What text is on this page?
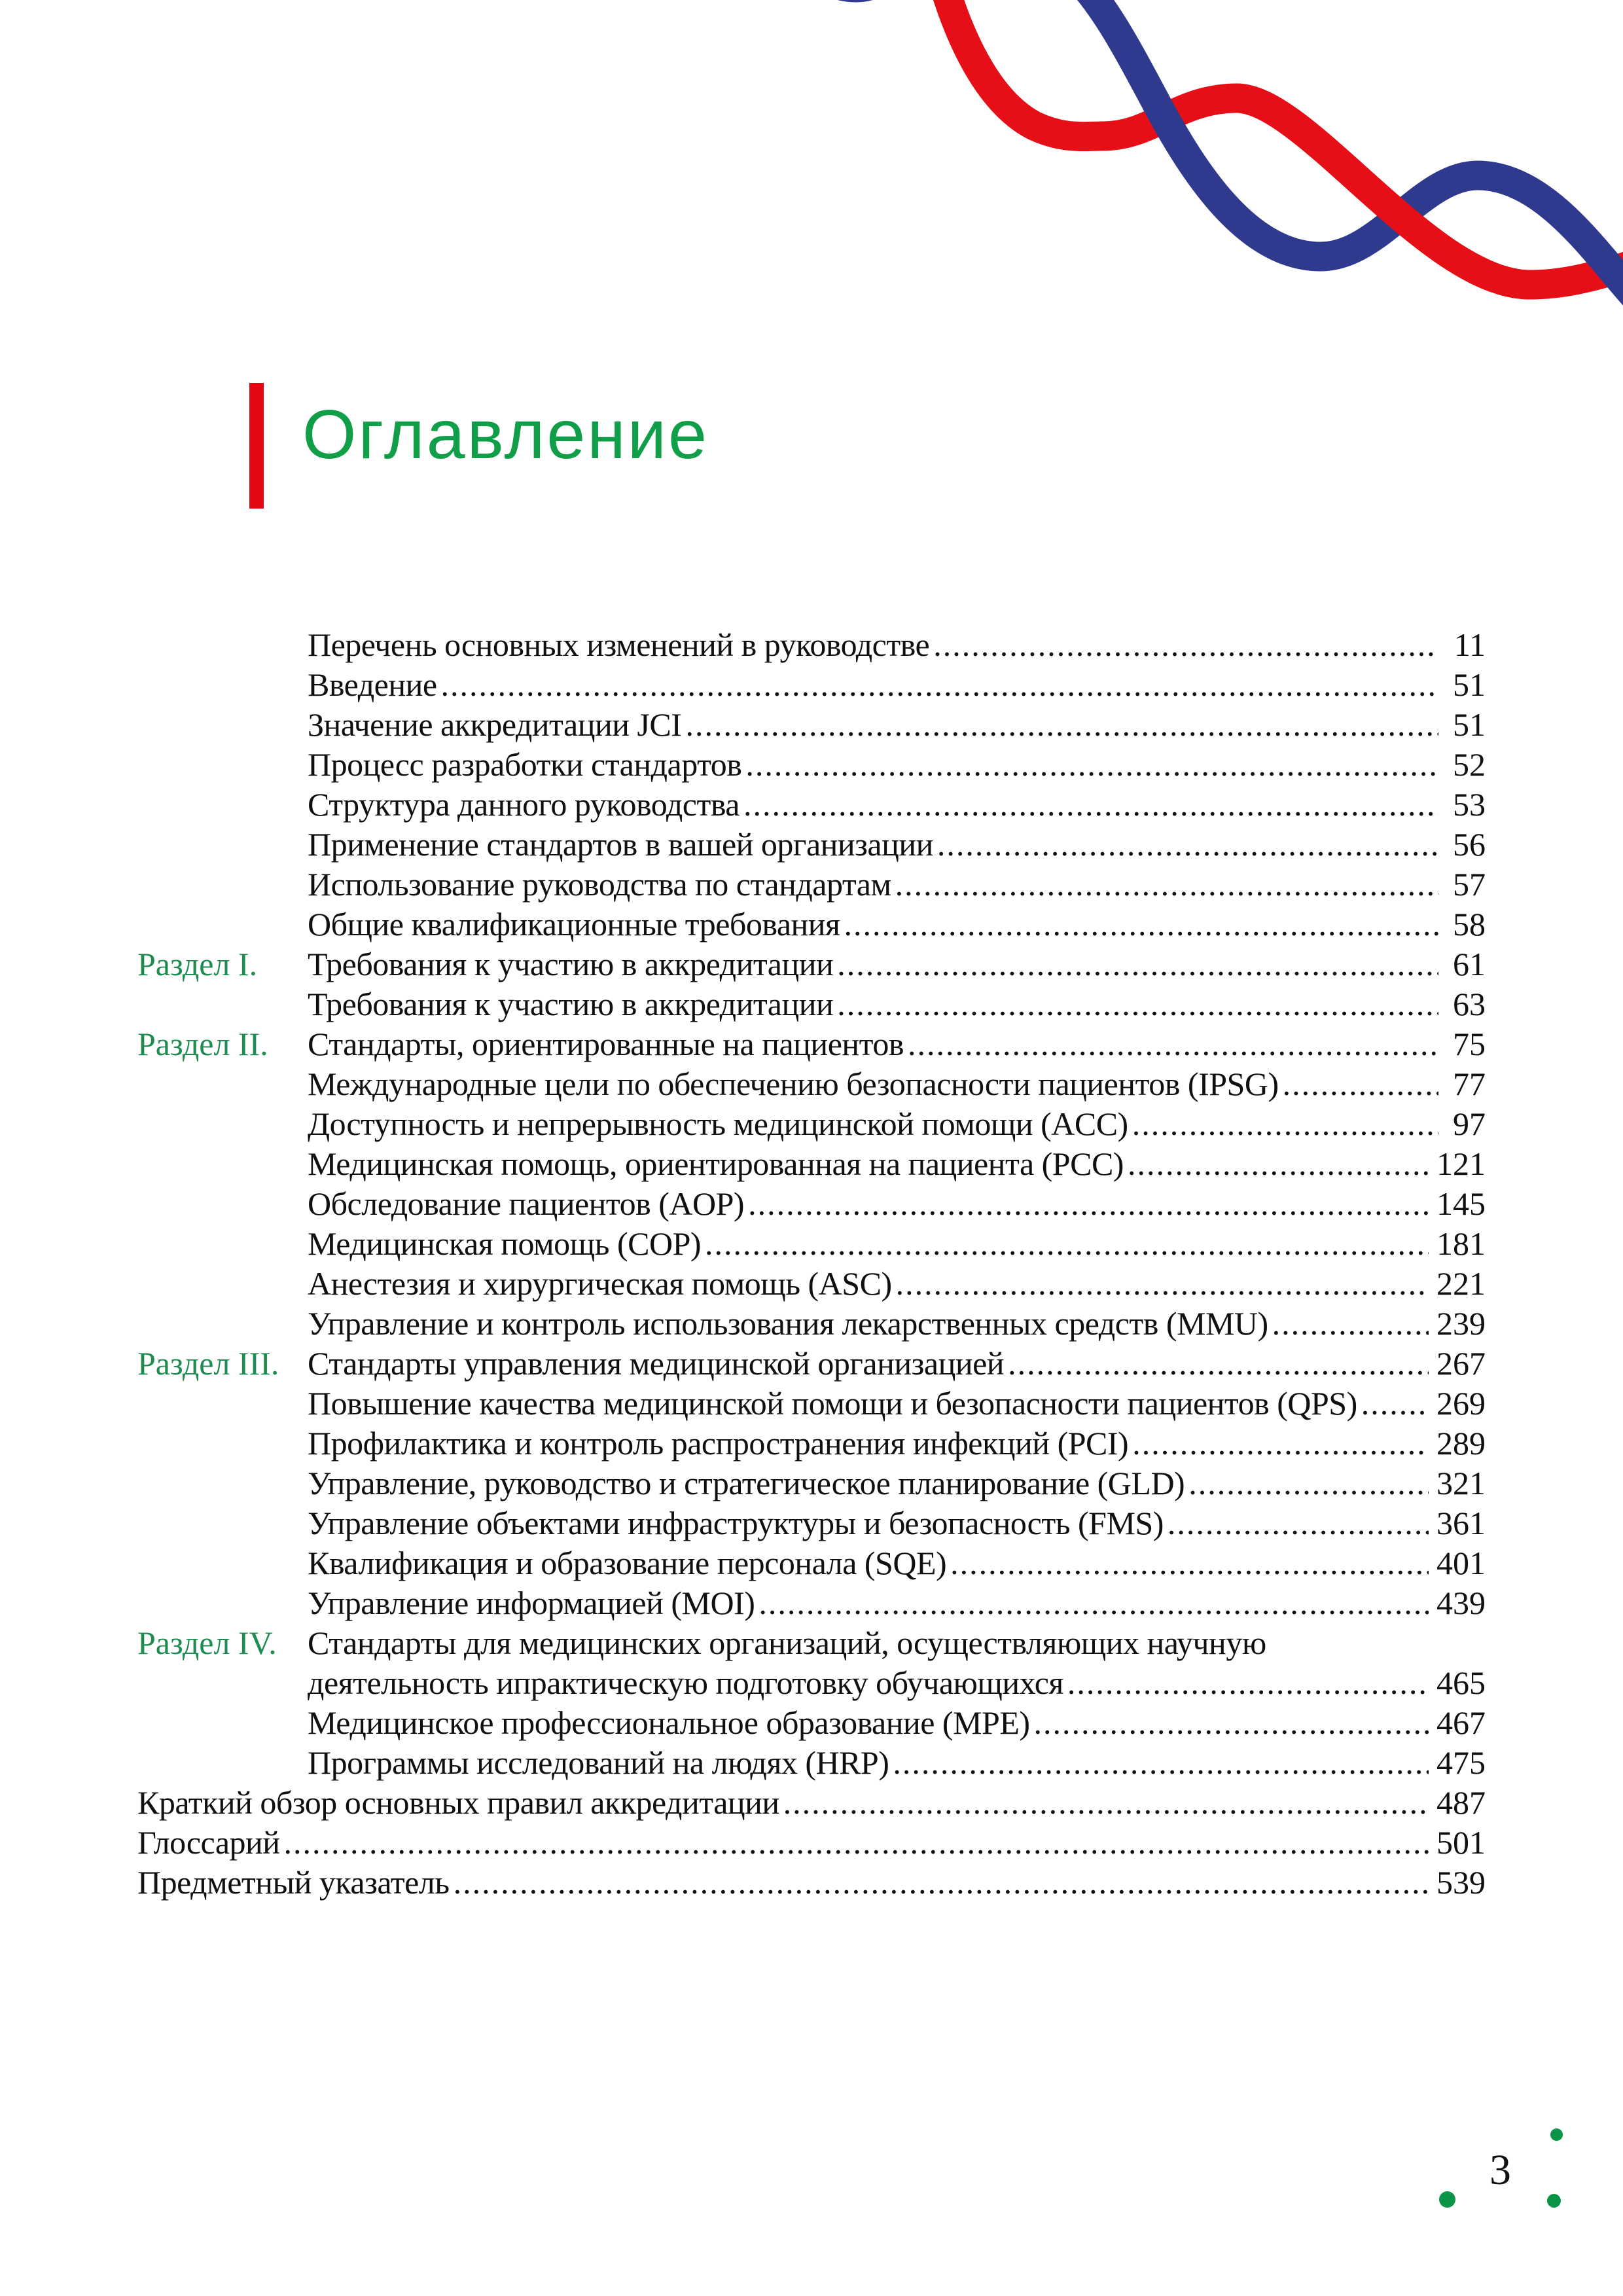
Оглавление
Перечень основных изменений в руководстве .....	11
Введение .....	51
Значение аккредитации JCI .....	51
Процесс разработки стандартов .....	52
Структура данного руководства .....	53
Применение стандартов в вашей организации .....	56
Использование руководства по стандартам .....	57
Общие квалификационные требования .....	58
Раздел I.	Требования к участию в аккредитации .....	61
Требования к участию в аккредитации .....	63
Раздел II.	Стандарты, ориентированные на пациентов .....	75
Международные цели по обеспечению безопасности пациентов (IPSG) .....	77
Доступность и непрерывность медицинской помощи (ACC) .....	97
Медицинская помощь, ориентированная на пациента (PCC) .....	121
Обследование пациентов (AOP) .....	145
Медицинская помощь (COP) .....	181
Анестезия и хирургическая помощь (ASC) .....	221
Управление и контроль использования лекарственных средств (MMU) .....	239
Раздел III. Стандарты управления медицинской организацией .....	267
Повышение качества медицинской помощи и безопасности пациентов (QPS) ..... 269
Профилактика и контроль распространения инфекций (PCI) .....	289
Управление, руководство и стратегическое планирование (GLD) .....	321
Управление объектами инфраструктуры и безопасность (FMS) .....	361
Квалификация и образование персонала (SQE) .....	401
Управление информацией (MOI) .....	439
Раздел IV. Стандарты для медицинских организаций, осуществляющих научную
деятельность ипрактическую подготовку обучающихся .....	465
Медицинское профессиональное образование (MPE) .....	467
Программы исследований на людях (HRP) .....	475
Краткий обзор основных правил аккредитации .....	487
Глоссарий .....	501
Предметный указатель .....	539
3
